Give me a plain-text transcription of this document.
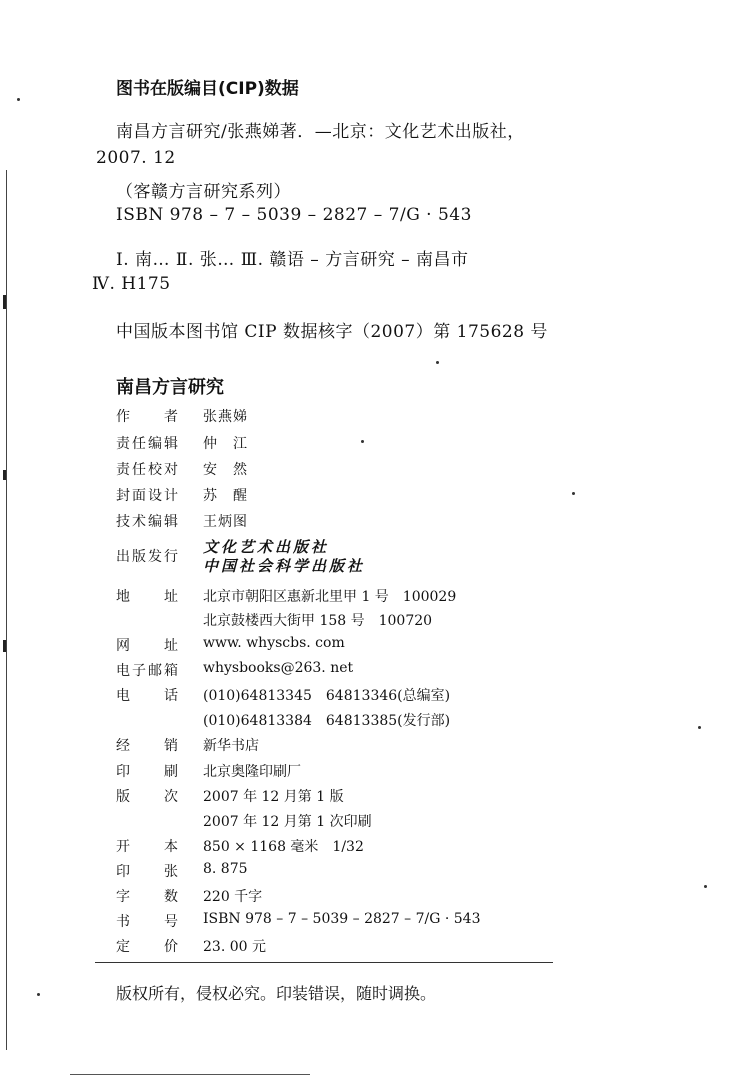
图书在版编目(CIP)数据
南昌方言研究/张燕娣著．—北京：文化艺术出版社，
2007. 12
（客赣方言研究系列）
ISBN 978 – 7 – 5039 – 2827 – 7/G · 543
Ⅰ. 南… Ⅱ. 张… Ⅲ. 赣语 – 方言研究 – 南昌市
Ⅳ. H175
中国版本图书馆 CIP 数据核字（2007）第 175628 号
南昌方言研究
文化艺术出版社
中国社会科学出版社
作 者 张燕娣
责 任 编 辑 仲　江
责 任 校 对 安　然
封 面 设 计 苏　醒
技 术 编 辑 王炳图
出 版 发 行
地 址 北京市朝阳区惠新北里甲 1 号　100029
北京鼓楼西大街甲 158 号　100720
网 址 www. whyscbs. com
电 子 邮 箱 whysbooks@263. net
电 话 (010)64813345　64813346(总编室)
(010)64813384　64813385(发行部)
经 销 新华书店
印 刷 北京奥隆印刷厂
版 次 2007 年 12 月第 1 版
2007 年 12 月第 1 次印刷
开 本 850 × 1168 毫米　1/32
印 张 8. 875
字 数 220 千字
书 号 ISBN 978 – 7 – 5039 – 2827 – 7/G · 543
定 价 23. 00 元
版权所有，侵权必究。印装错误，随时调换。
